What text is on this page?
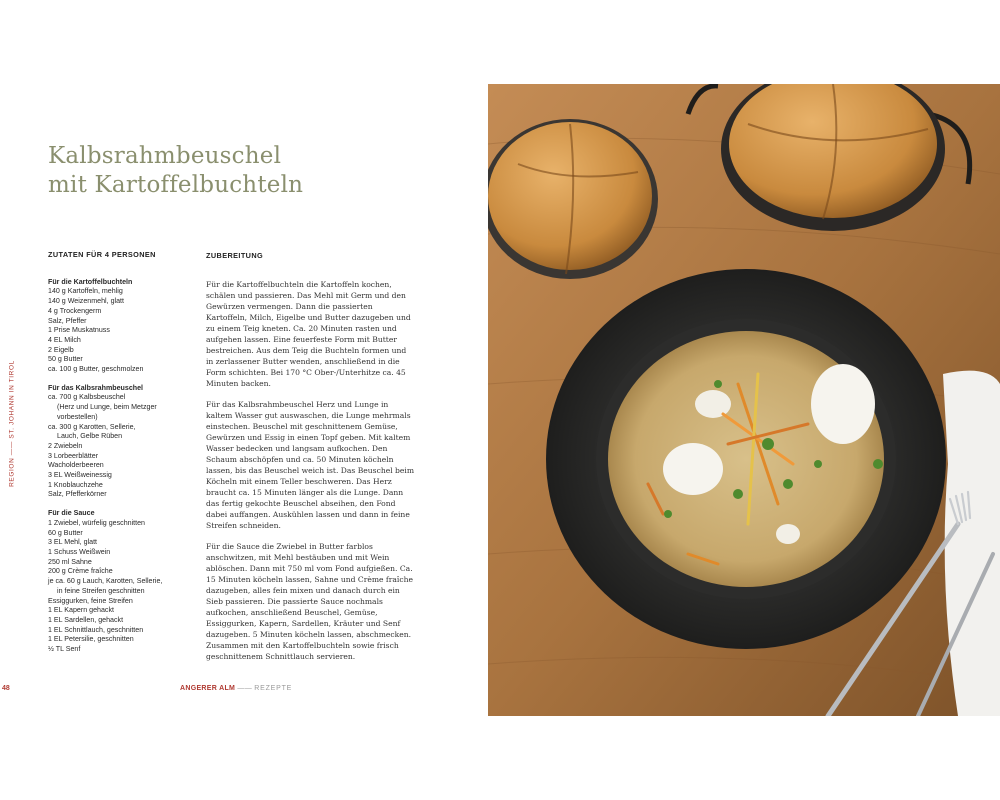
Kalbsrahmbeuschel
mit Kartoffelbuchteln
REGION —— ST. JOHANN IN TIROL
ZUTATEN FÜR 4 PERSONEN
Für die Kartoffelbuchteln
140 g Kartoffeln, mehlig
140 g Weizenmehl, glatt
4 g Trockengerm
Salz, Pfeffer
1 Prise Muskatnuss
4 EL Milch
2 Eigelb
50 g Butter
ca. 100 g Butter, geschmolzen
Für das Kalbsrahmbeuschel
ca. 700 g Kalbsbeuschel
(Herz und Lunge, beim Metzger
vorbestellen)
ca. 300 g Karotten, Sellerie,
Lauch, Gelbe Rüben
2 Zwiebeln
3 Lorbeerblätter
Wacholderbeeren
3 EL Weißweinessig
1 Knoblauchzehe
Salz, Pfefferkörner
Für die Sauce
1 Zwiebel, würfelig geschnitten
60 g Butter
3 EL Mehl, glatt
1 Schuss Weißwein
250 ml Sahne
200 g Crème fraîche
je ca. 60 g Lauch, Karotten, Sellerie,
in feine Streifen geschnitten
Essiggurken, feine Streifen
1 EL Kapern gehackt
1 EL Sardellen, gehackt
1 EL Schnittlauch, geschnitten
1 EL Petersilie, geschnitten
½ TL Senf
ZUBEREITUNG

Für die Kartoffelbuchteln die Kartoffeln kochen, schälen und passieren. Das Mehl mit Germ und den Gewürzen vermengen. Dann die passierten Kartoffeln, Milch, Eigelbe und Butter dazugeben und zu einem Teig kneten. Ca. 20 Minuten rasten und aufgehen lassen. Eine feuerfeste Form mit Butter bestreichen. Aus dem Teig die Buchteln formen und in zerlassener Butter wenden, anschließend in die Form schichten. Bei 170 °C Ober-/Unterhitze ca. 45 Minuten backen.

Für das Kalbsrahmbeuschel Herz und Lunge in kaltem Wasser gut auswaschen, die Lunge mehrmals einstechen. Beuschel mit geschnittenem Gemüse, Gewürzen und Essig in einen Topf geben. Mit kaltem Wasser bedecken und langsam aufkochen. Den Schaum abschöpfen und ca. 50 Minuten köcheln lassen, bis das Beuschel weich ist. Das Beuschel beim Köcheln mit einem Teller beschweren. Das Herz braucht ca. 15 Minuten länger als die Lunge. Dann das fertig gekochte Beuschel abseihen, den Fond dabei auffangen. Auskühlen lassen und dann in feine Streifen schneiden.

Für die Sauce die Zwiebel in Butter farblos anschwitzen, mit Mehl bestäuben und mit Wein ablöschen. Dann mit 750 ml vom Fond aufgießen. Ca. 15 Minuten köcheln lassen, Sahne und Crème fraîche dazugeben, alles fein mixen und danach durch ein Sieb passieren. Die passierte Sauce nochmals aufkochen, anschließend Beuschel, Gemüse, Essiggurken, Kapern, Sardellen, Kräuter und Senf dazugeben. 5 Minuten köcheln lassen, abschmecken. Zusammen mit den Kartoffelbuchteln sowie frisch geschnittenem Schnittlauch servieren.

48	ANGERER ALM —— REZEPTE
